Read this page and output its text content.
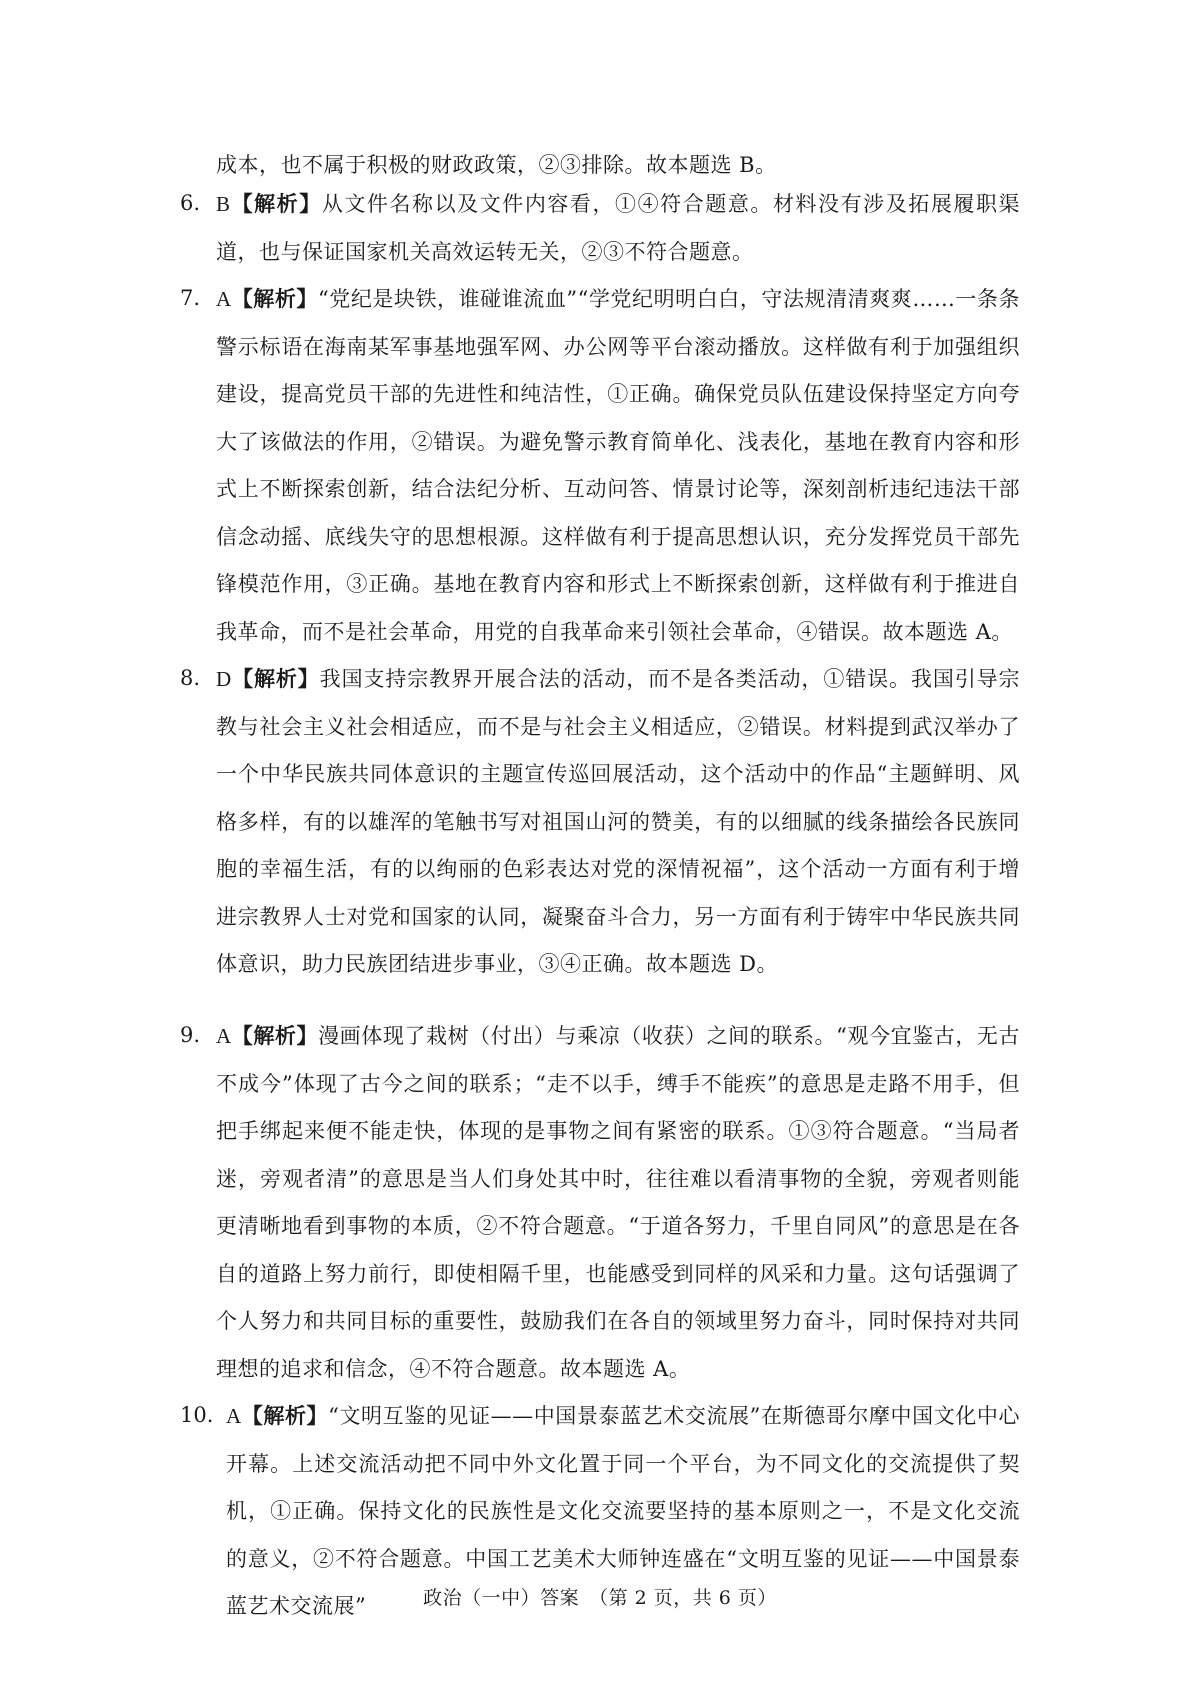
成本，也不属于积极的财政政策，②③排除。故本题选 B。
6. B【解析】从文件名称以及文件内容看，①④符合题意。材料没有涉及拓展履职渠道，也与保证国家机关高效运转无关，②③不符合题意。
7. A【解析】“党纪是块铁，谁碰谁流血”“学党纪明明白白，守法规清清爽爽……一条条警示标语在海南某军事基地强军网、办公网等平台滚动播放。这样做有利于加强组织建设，提高党员干部的先进性和纯洁性，①正确。确保党员队伍建设保持坚定方向夸大了该做法的作用，②错误。为避免警示教育简单化、浅表化，基地在教育内容和形式上不断探索创新，结合法纪分析、互动问答、情景讨论等，深刻剖析违纪违法干部信念动摇、底线失守的思想根源。这样做有利于提高思想认识，充分发挥党员干部先锋模范作用，③正确。基地在教育内容和形式上不断探索创新，这样做有利于推进自我革命，而不是社会革命，用党的自我革命来引领社会革命，④错误。故本题选 A。
8. D【解析】我国支持宗教界开展合法的活动，而不是各类活动，①错误。我国引导宗教与社会主义社会相适应，而不是与社会主义相适应，②错误。材料提到武汉举办了一个中华民族共同体意识的主题宣传巡回展活动，这个活动中的作品“主题鲜明、风格多样，有的以雄浑的笔触书写对祖国山河的赞美，有的以细腻的线条描绘各民族同胞的幸福生活，有的以绚丽的色彩表达对党的深情祝福”，这个活动一方面有利于增进宗教界人士对党和国家的认同，凝聚奋斗合力，另一方面有利于铸牢中华民族共同体意识，助力民族团结进步事业，③④正确。故本题选 D。
9. A【解析】漫画体现了栽树（付出）与乘凉（收获）之间的联系。“观今宜鉴古，无古不成今”体现了古今之间的联系；“走不以手，缚手不能疾”的意思是走路不用手，但把手绑起来便不能走快，体现的是事物之间有紧密的联系。①③符合题意。“当局者迷，旁观者清”的意思是当人们身处其中时，往往难以看清事物的全貌，旁观者则能更清晰地看到事物的本质，②不符合题意。“于道各努力，千里自同风”的意思是在各自的道路上努力前行，即使相隔千里，也能感受到同样的风采和力量。这句话强调了个人努力和共同目标的重要性，鼓励我们在各自的领域里努力奋斗，同时保持对共同理想的追求和信念，④不符合题意。故本题选 A。
10. A【解析】“文明互鉴的见证——中国景泰蓝艺术交流展”在斯德哥尔摩中国文化中心开幕。上述交流活动把不同中外文化置于同一个平台，为不同文化的交流提供了契机，①正确。保持文化的民族性是文化交流要坚持的基本原则之一，不是文化交流的意义，②不符合题意。中国工艺美术大师钟连盛在“文明互鉴的见证——中国景泰蓝艺术交流展”	政治（一中）答案　（第 2 页，共 6 页）
